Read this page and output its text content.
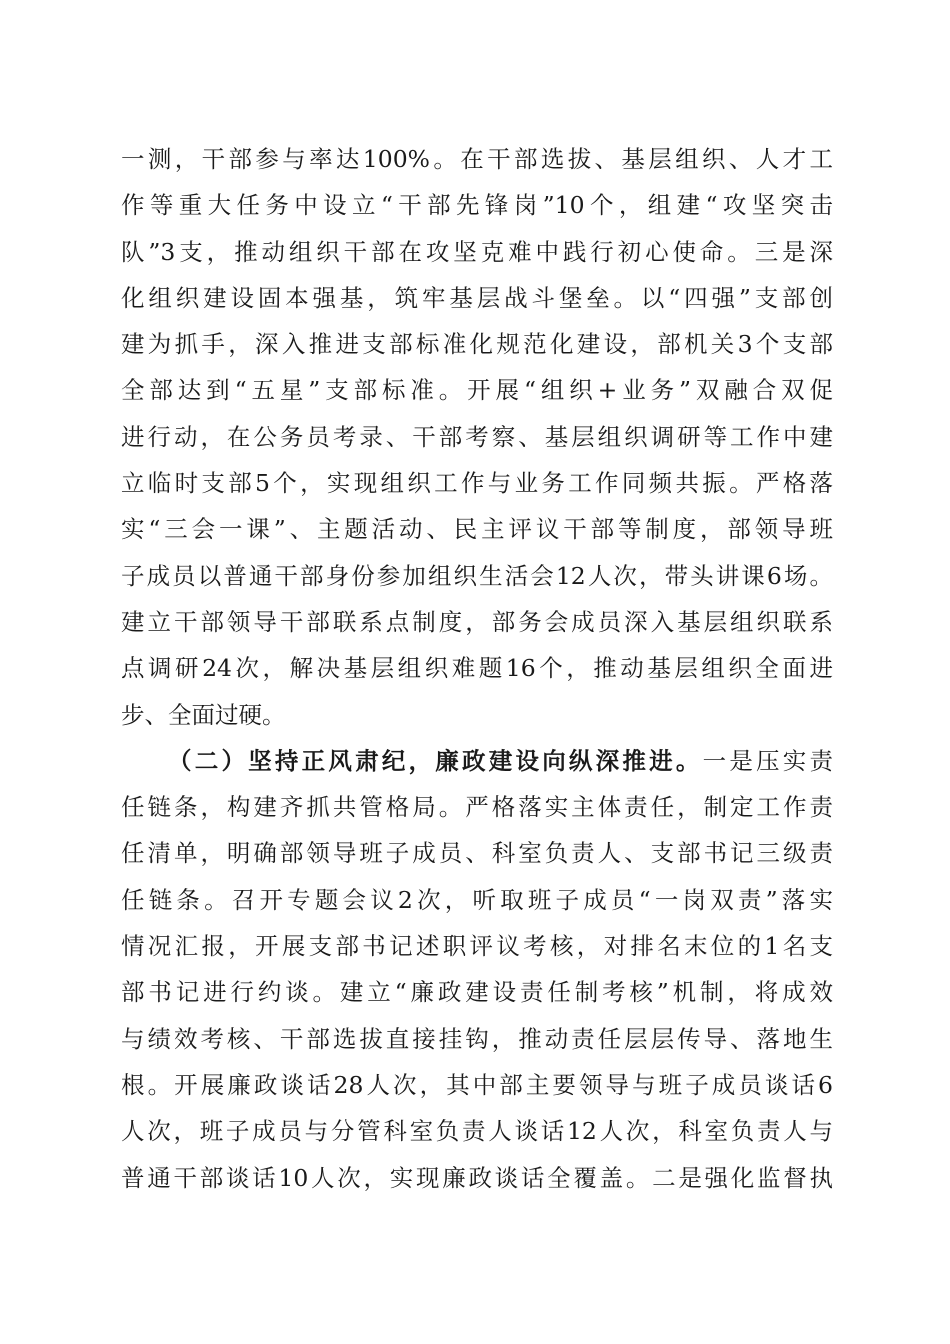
一测，干部参与率达100%。在干部选拔、基层组织、人才工
作等重大任务中设立“干部先锋岗”10个，组建“攻坚突击
队”3支，推动组织干部在攻坚克难中践行初心使命。三是深
化组织建设固本强基，筑牢基层战斗堡垒。以“四强”支部创
建为抓手，深入推进支部标准化规范化建设，部机关3个支部
全部达到“五星”支部标准。开展“组织+业务”双融合双促
进行动，在公务员考录、干部考察、基层组织调研等工作中建
立临时支部5个，实现组织工作与业务工作同频共振。严格落
实“三会一课”、主题活动、民主评议干部等制度，部领导班
子成员以普通干部身份参加组织生活会12人次，带头讲课6场。
建立干部领导干部联系点制度，部务会成员深入基层组织联系
点调研24次，解决基层组织难题16个，推动基层组织全面进
步、全面过硬。
（二）坚持正风肃纪，廉政建设向纵深推进。一是压实责
任链条，构建齐抓共管格局。严格落实主体责任，制定工作责
任清单，明确部领导班子成员、科室负责人、支部书记三级责
任链条。召开专题会议2次，听取班子成员“一岗双责”落实
情况汇报，开展支部书记述职评议考核，对排名末位的1名支
部书记进行约谈。建立“廉政建设责任制考核”机制，将成效
与绩效考核、干部选拔直接挂钩，推动责任层层传导、落地生
根。开展廉政谈话28人次，其中部主要领导与班子成员谈话6
人次，班子成员与分管科室负责人谈话12人次，科室负责人与
普通干部谈话10人次，实现廉政谈话全覆盖。二是强化监督执
